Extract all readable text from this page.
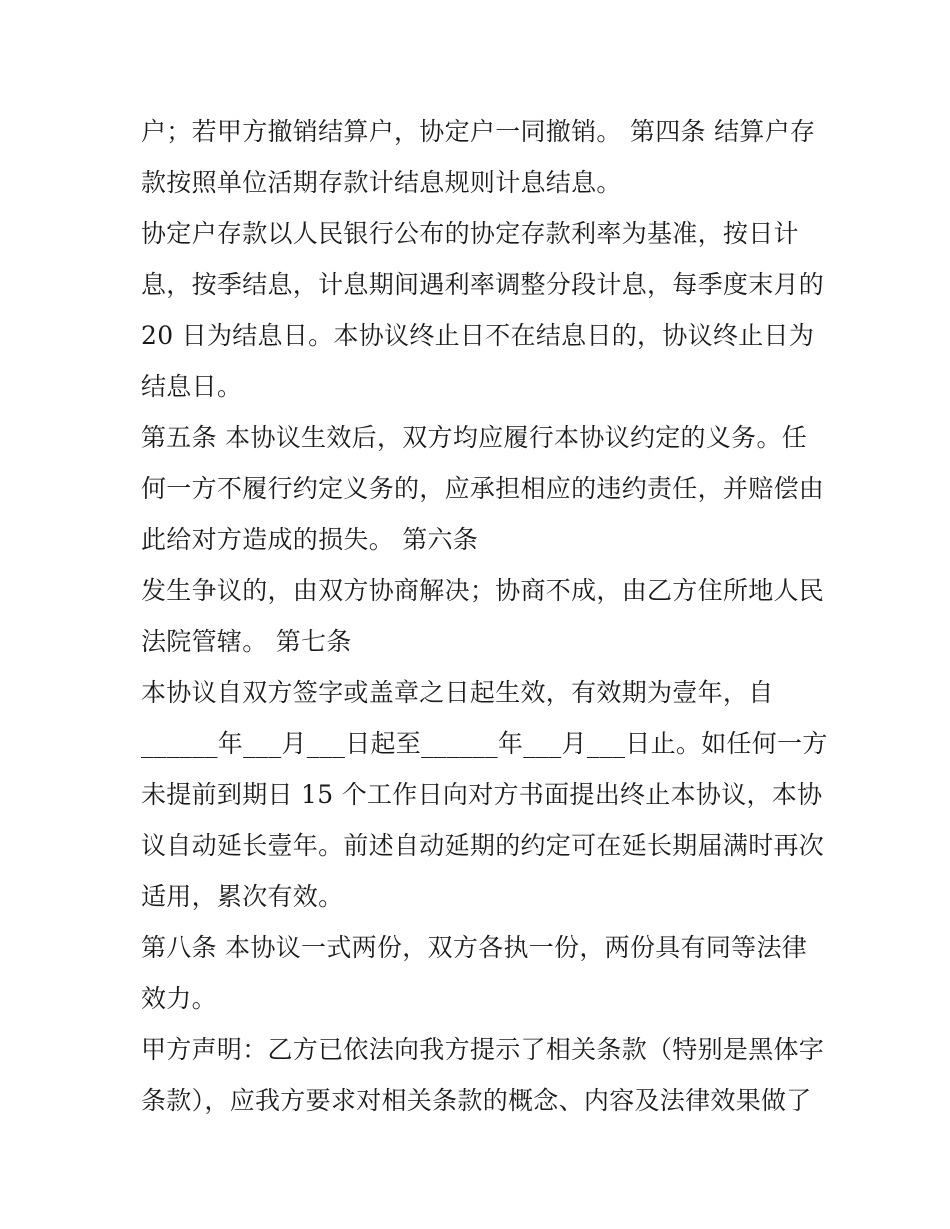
户；若甲方撤销结算户，协定户一同撤销。 第四条 结算户存
款按照单位活期存款计结息规则计息结息。
协定户存款以人民银行公布的协定存款利率为基准，按日计
息，按季结息，计息期间遇利率调整分段计息，每季度末月的
20 日为结息日。本协议终止日不在结息日的，协议终止日为
结息日。
第五条 本协议生效后，双方均应履行本协议约定的义务。任
何一方不履行约定义务的，应承担相应的违约责任，并赔偿由
此给对方造成的损失。 第六条
发生争议的，由双方协商解决；协商不成，由乙方住所地人民
法院管辖。 第七条
本协议自双方签字或盖章之日起生效，有效期为壹年，自
______年___月___日起至______年___月___日止。如任何一方
未提前到期日 15 个工作日向对方书面提出终止本协议，本协
议自动延长壹年。前述自动延期的约定可在延长期届满时再次
适用，累次有效。
第八条 本协议一式两份，双方各执一份，两份具有同等法律
效力。
甲方声明：乙方已依法向我方提示了相关条款（特别是黑体字
条款），应我方要求对相关条款的概念、内容及法律效果做了
